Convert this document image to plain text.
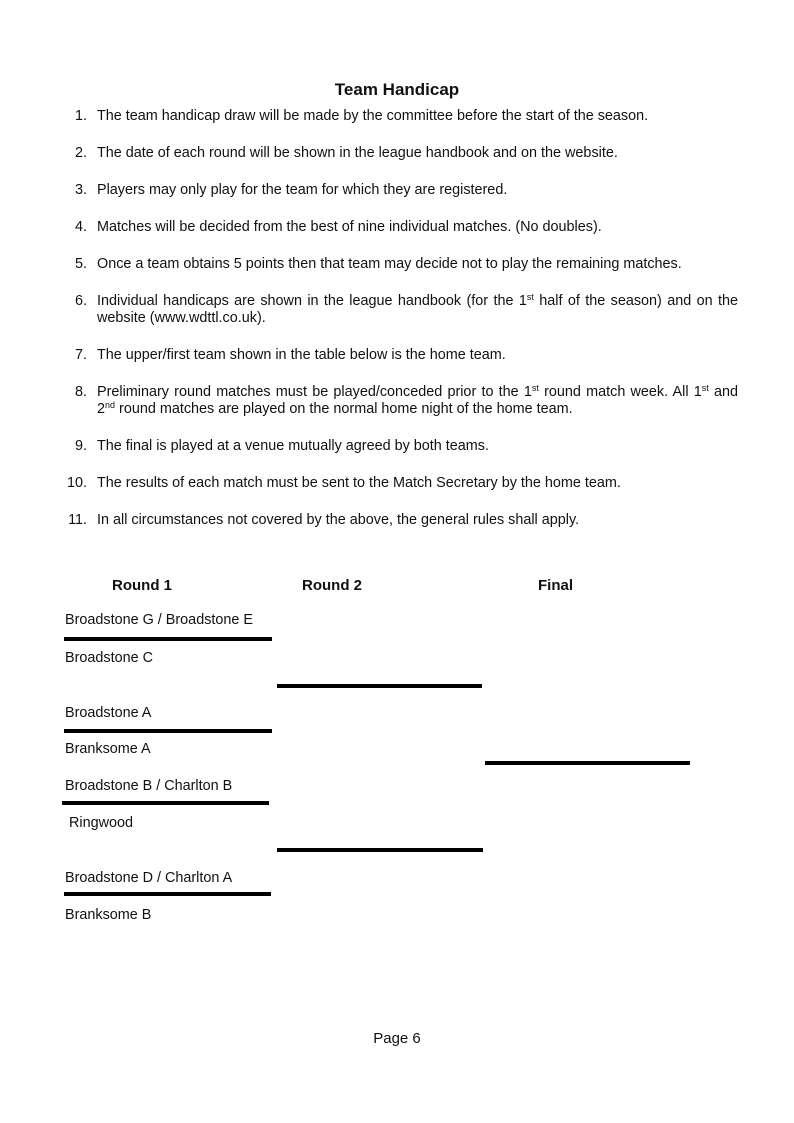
Team Handicap
1. The team handicap draw will be made by the committee before the start of the season.
2. The date of each round will be shown in the league handbook and on the website.
3. Players may only play for the team for which they are registered.
4. Matches will be decided from the best of nine individual matches. (No doubles).
5. Once a team obtains 5 points then that team may decide not to play the remaining matches.
6. Individual handicaps are shown in the league handbook (for the 1st half of the season) and on the website (www.wdttl.co.uk).
7. The upper/first team shown in the table below is the home team.
8. Preliminary round matches must be played/conceded prior to the 1st round match week. All 1st and 2nd round matches are played on the normal home night of the home team.
9. The final is played at a venue mutually agreed by both teams.
10. The results of each match must be sent to the Match Secretary by the home team.
11. In all circumstances not covered by the above, the general rules shall apply.
Round 1	Round 2	Final
Broadstone G / Broadstone E
Broadstone C
Broadstone A
Branksome A
Broadstone B / Charlton B
Ringwood
Broadstone D / Charlton A
Branksome B
Page 6
